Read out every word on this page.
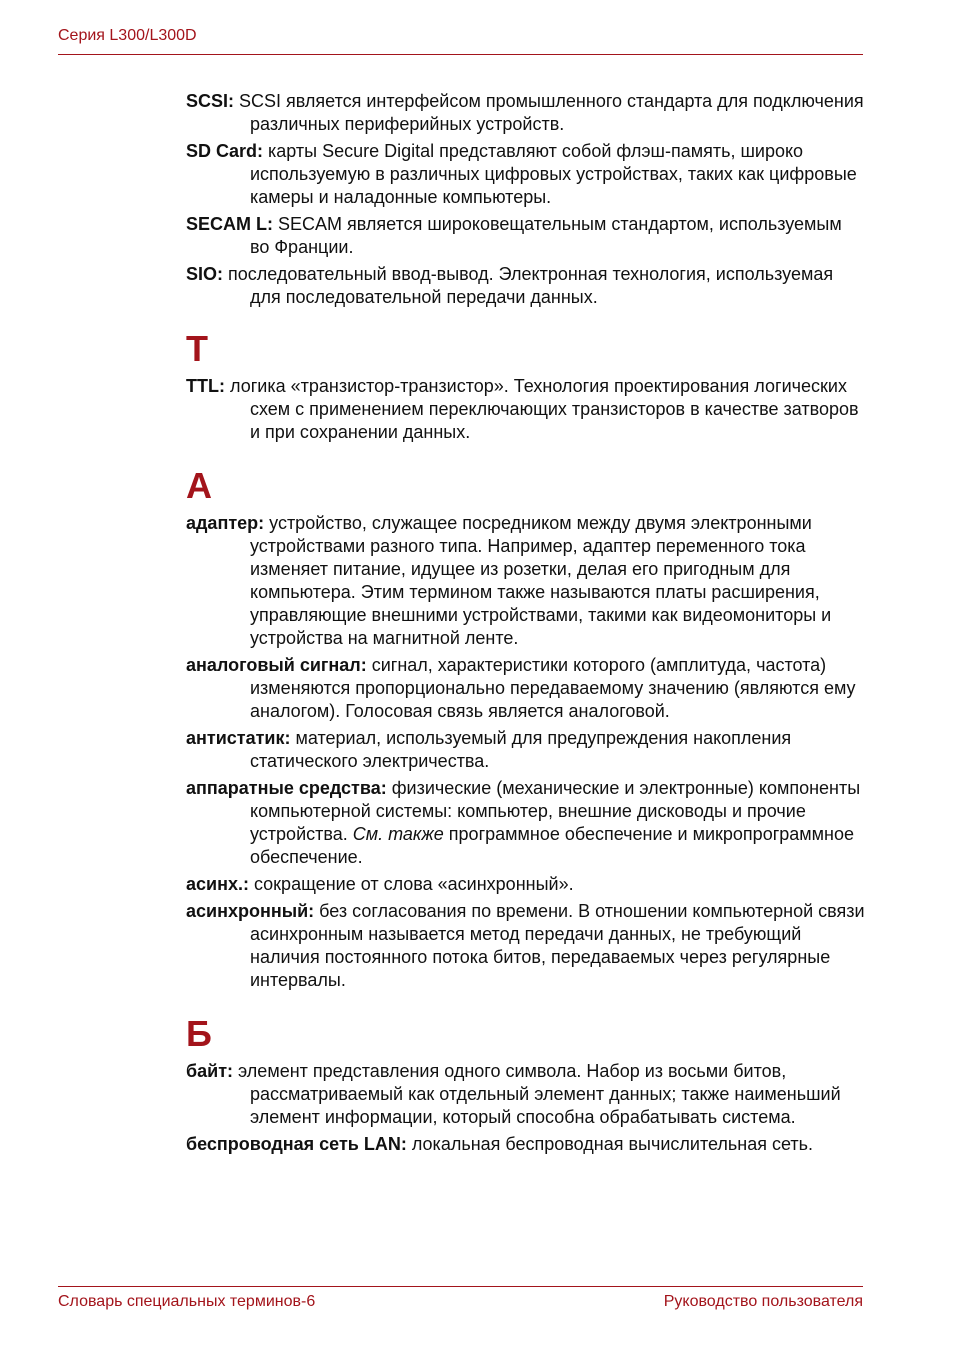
Серия L300/L300D

SCSI: SCSI является интерфейсом промышленного стандарта для подключения различных периферийных устройств.

SD Card: карты Secure Digital представляют собой флэш-память, широко используемую в различных цифровых устройствах, таких как цифровые камеры и наладонные компьютеры.

SECAM L: SECAM является широковещательным стандартом, используемым во Франции.

SIO: последовательный ввод-вывод. Электронная технология, используемая для последовательной передачи данных.

T

TTL: логика «транзистор-транзистор». Технология проектирования логических схем с применением переключающих транзисторов в качестве затворов и при сохранении данных.

А

адаптер: устройство, служащее посредником между двумя электронными устройствами разного типа. Например, адаптер переменного тока изменяет питание, идущее из розетки, делая его пригодным для компьютера. Этим термином также называются платы расширения, управляющие внешними устройствами, такими как видеомониторы и устройства на магнитной ленте.

аналоговый сигнал: сигнал, характеристики которого (амплитуда, частота) изменяются пропорционально передаваемому значению (являются ему аналогом). Голосовая связь является аналоговой.

антистатик: материал, используемый для предупреждения накопления статического электричества.

аппаратные средства: физические (механические и электронные) компоненты компьютерной системы: компьютер, внешние дисководы и прочие устройства. См. также программное обеспечение и микропрограммное обеспечение.

асинх.: сокращение от слова «асинхронный».

асинхронный: без согласования по времени. В отношении компьютерной связи асинхронным называется метод передачи данных, не требующий наличия постоянного потока битов, передаваемых через регулярные интервалы.

Б

байт: элемент представления одного символа. Набор из восьми битов, рассматриваемый как отдельный элемент данных; также наименьший элемент информации, который способна обрабатывать система.

беспроводная сеть LAN: локальная беспроводная вычислительная сеть.

Словарь специальных терминов-6	Руководство пользователя
